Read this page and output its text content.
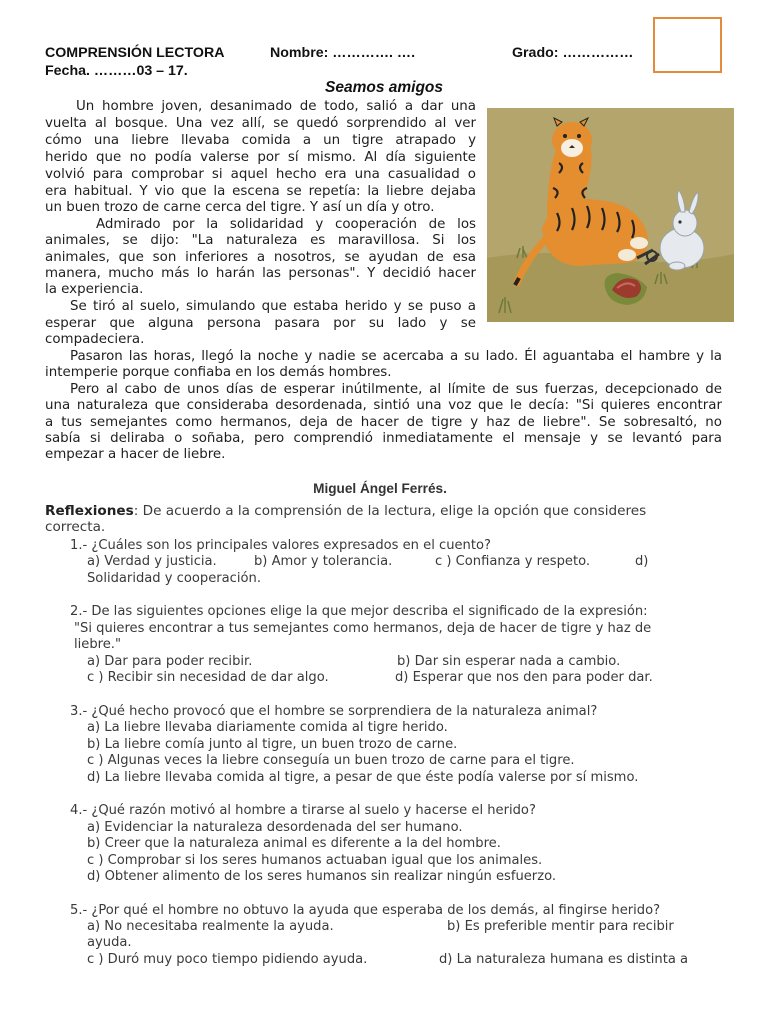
COMPRENSIÓN LECTORA	Nombre: …………. ….	Grado: ……………
Fecha. ………03 – 17.
Seamos amigos
Un hombre joven, desanimado de todo, salió a dar una
vuelta al bosque. Una vez allí, se quedó sorprendido al ver
cómo una liebre llevaba comida a un tigre atrapado y
herido que no podía valerse por sí mismo. Al día siguiente
volvió para comprobar si aquel hecho era una casualidad o
era habitual. Y vio que la escena se repetía: la liebre dejaba
un buen trozo de carne cerca del tigre. Y así un día y otro.
Admirado por la solidaridad y cooperación de los
animales, se dijo: "La naturaleza es maravillosa. Si los
animales, que son inferiores a nosotros, se ayudan de esa
manera, mucho más lo harán las personas". Y decidió hacer
la experiencia.
Se tiró al suelo, simulando que estaba herido y se puso a
esperar que alguna persona pasara por su lado y se
compadeciera.
Pasaron las horas, llegó la noche y nadie se acercaba a su lado. Él aguantaba el hambre y la
intemperie porque confiaba en los demás hombres.
Pero al cabo de unos días de esperar inútilmente, al límite de sus fuerzas, decepcionado de
una naturaleza que consideraba desordenada, sintió una voz que le decía: "Si quieres encontrar
a tus semejantes como hermanos, deja de hacer de tigre y haz de liebre". Se sobresaltó, no
sabía si deliraba o soñaba, pero comprendió inmediatamente el mensaje y se levantó para
empezar a hacer de liebre.
Miguel Ángel Ferrés.
Reflexiones: De acuerdo a la comprensión de la lectura, elige la opción que consideres
correcta.
1.- ¿Cuáles son los principales valores expresados en el cuento?
a) Verdad y justicia.	b) Amor y tolerancia.	c ) Confianza y respeto.	d)
Solidaridad y cooperación.
2.- De las siguientes opciones elige la que mejor describa el significado de la expresión:
"Si quieres encontrar a tus semejantes como hermanos, deja de hacer de tigre y haz de
liebre."
a) Dar para poder recibir.	b) Dar sin esperar nada a cambio.
c ) Recibir sin necesidad de dar algo.	d) Esperar que nos den para poder dar.
3.- ¿Qué hecho provocó que el hombre se sorprendiera de la naturaleza animal?
a) La liebre llevaba diariamente comida al tigre herido.
b) La liebre comía junto al tigre, un buen trozo de carne.
c ) Algunas veces la liebre conseguía un buen trozo de carne para el tigre.
d) La liebre llevaba comida al tigre, a pesar de que éste podía valerse por sí mismo.
4.- ¿Qué razón motivó al hombre a tirarse al suelo y hacerse el herido?
a) Evidenciar la naturaleza desordenada del ser humano.
b) Creer que la naturaleza animal es diferente a la del hombre.
c ) Comprobar si los seres humanos actuaban igual que los animales.
d) Obtener alimento de los seres humanos sin realizar ningún esfuerzo.
5.- ¿Por qué el hombre no obtuvo la ayuda que esperaba de los demás, al fingirse herido?
a) No necesitaba realmente la ayuda.	b) Es preferible mentir para recibir
ayuda.
c ) Duró muy poco tiempo pidiendo ayuda.	d) La naturaleza humana es distinta a
